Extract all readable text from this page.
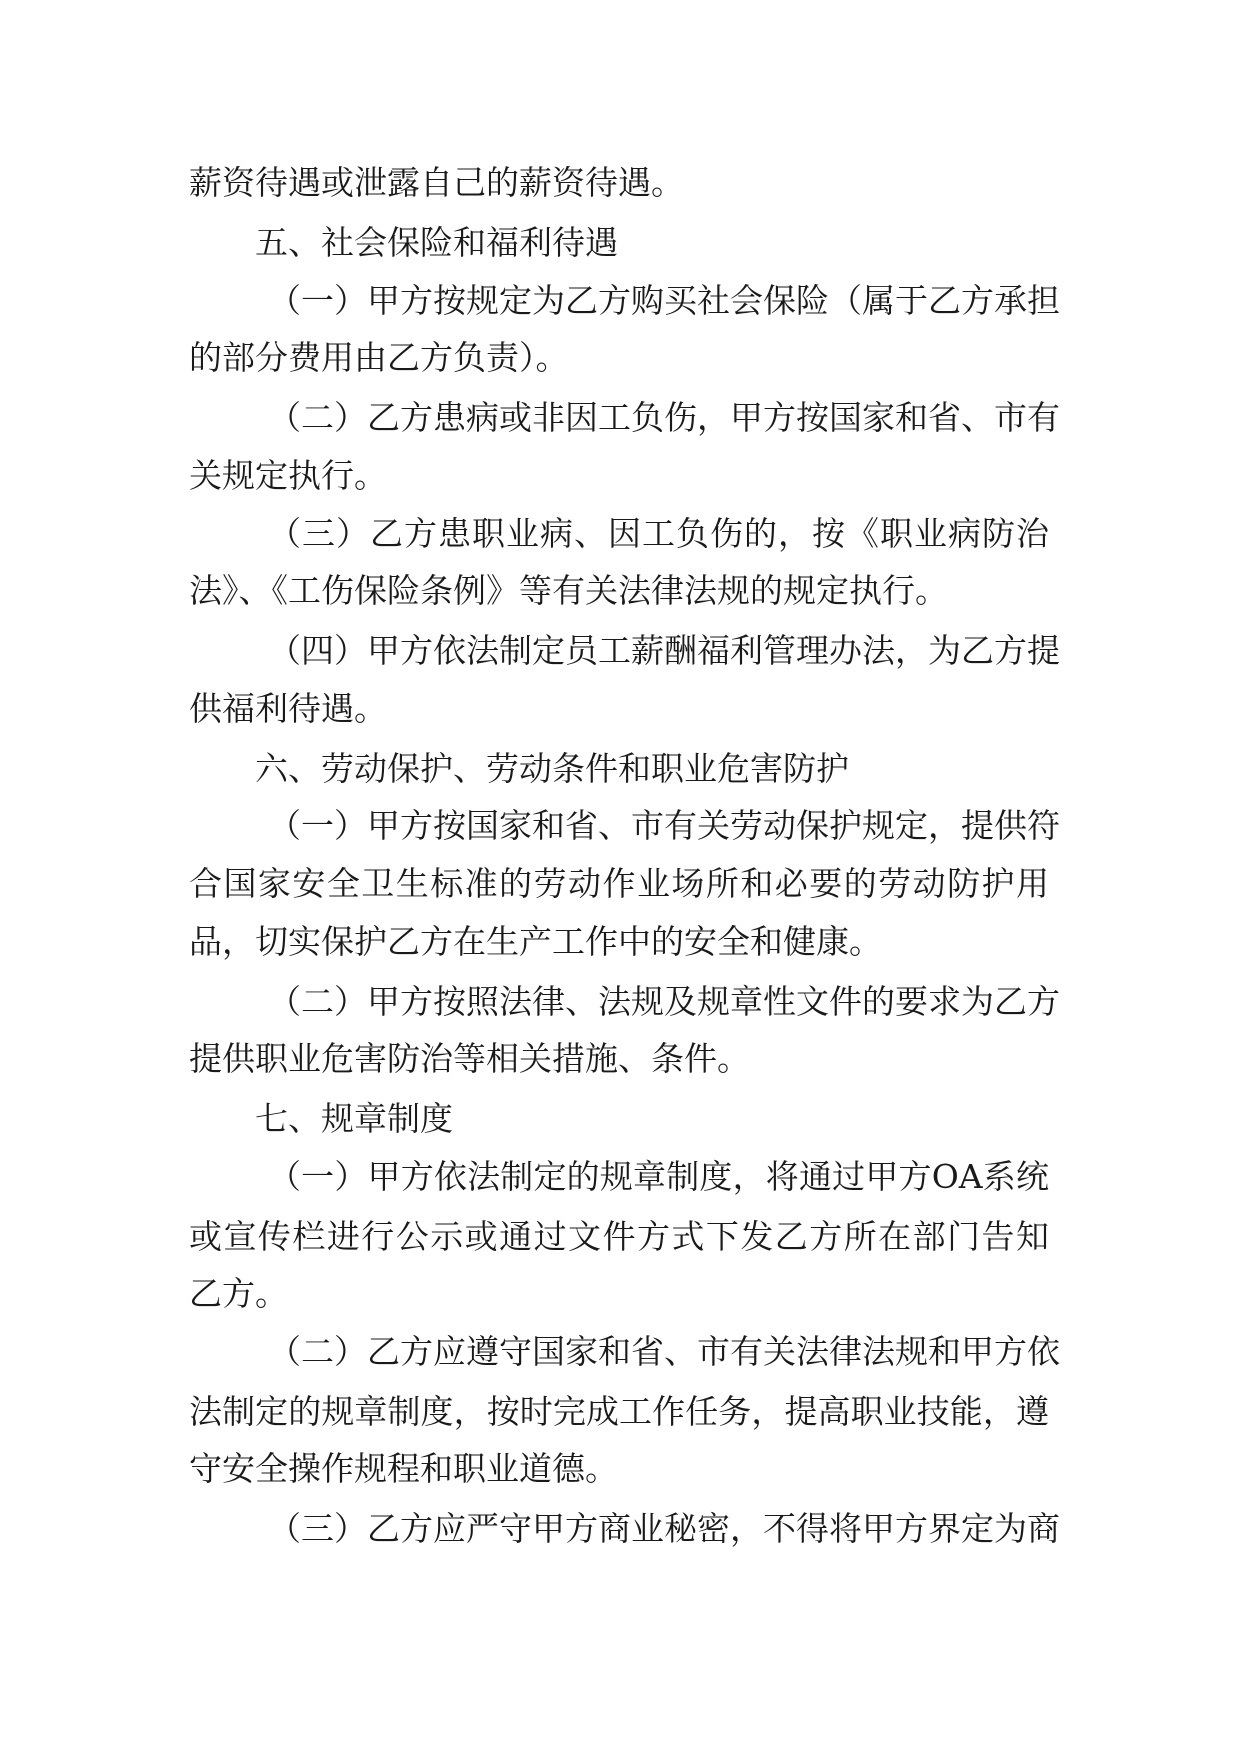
薪资待遇或泄露自己的薪资待遇。

五、社会保险和福利待遇

（一）甲方按规定为乙方购买社会保险（属于乙方承担

的部分费用由乙方负责）。

（二）乙方患病或非因工负伤，甲方按国家和省、市有

关规定执行。

（三）乙方患职业病、因工负伤的，按《职业病防治

法》、《工伤保险条例》等有关法律法规的规定执行。

（四）甲方依法制定员工薪酬福利管理办法，为乙方提

供福利待遇。

六、劳动保护、劳动条件和职业危害防护

（一）甲方按国家和省、市有关劳动保护规定，提供符

合国家安全卫生标准的劳动作业场所和必要的劳动防护用

品，切实保护乙方在生产工作中的安全和健康。

（二）甲方按照法律、法规及规章性文件的要求为乙方

提供职业危害防治等相关措施、条件。

七、规章制度

（一）甲方依法制定的规章制度，将通过甲方OA系统

或宣传栏进行公示或通过文件方式下发乙方所在部门告知

乙方。

（二）乙方应遵守国家和省、市有关法律法规和甲方依

法制定的规章制度，按时完成工作任务，提高职业技能，遵

守安全操作规程和职业道德。

（三）乙方应严守甲方商业秘密，不得将甲方界定为商
